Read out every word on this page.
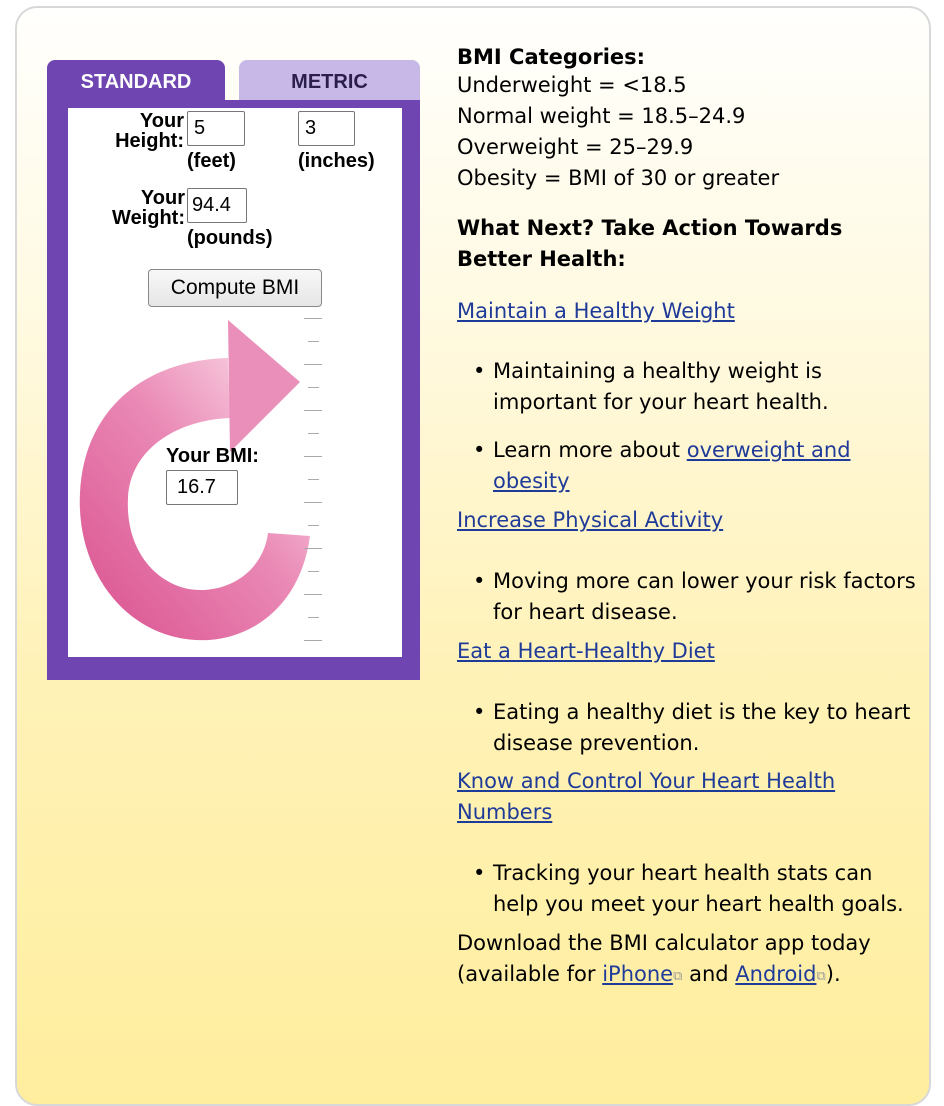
STANDARD	METRIC
Your
Height:
5
(feet)
3
(inches)
Your
Weight:
94.4
(pounds)
Compute BMI
Your BMI:
16.7
BMI Categories:
Underweight = <18.5
Normal weight = 18.5–24.9
Overweight = 25–29.9
Obesity = BMI of 30 or greater
What Next? Take Action Towards Better Health:
Maintain a Healthy Weight
• Maintaining a healthy weight is important for your heart health.
• Learn more about overweight and obesity
Increase Physical Activity
• Moving more can lower your risk factors for heart disease.
Eat a Heart-Healthy Diet
• Eating a healthy diet is the key to heart disease prevention.
Know and Control Your Heart Health Numbers
• Tracking your heart health stats can help you meet your heart health goals.
Download the BMI calculator app today
(available for iPhone⧉ and Android⧉).
